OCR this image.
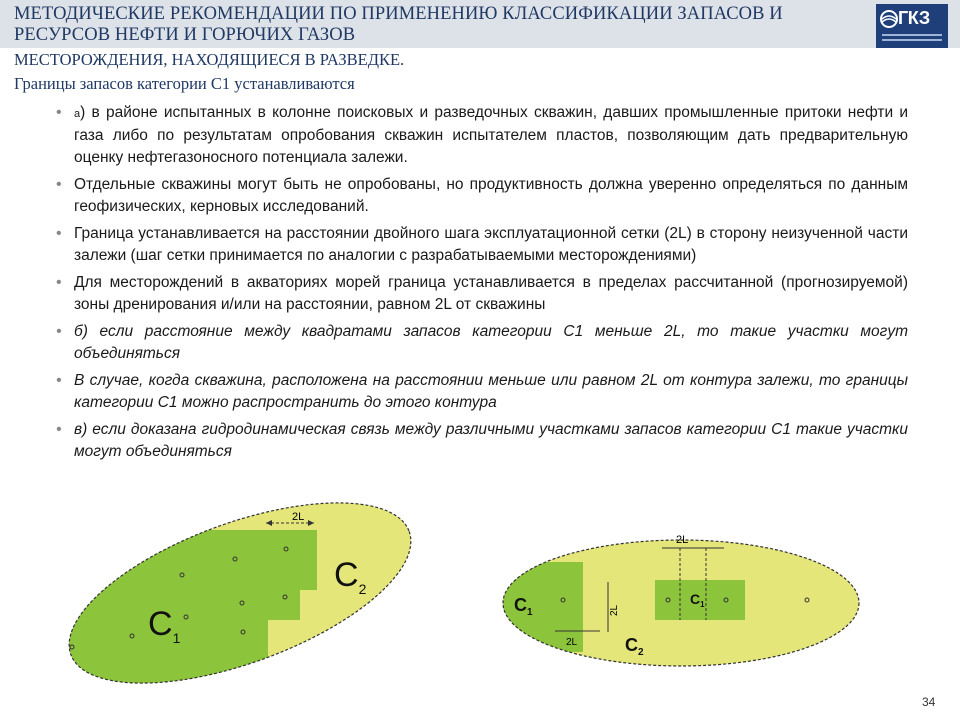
МЕТОДИЧЕСКИЕ РЕКОМЕНДАЦИИ ПО ПРИМЕНЕНИЮ КЛАССИФИКАЦИИ ЗАПАСОВ И РЕСУРСОВ НЕФТИ И ГОРЮЧИХ ГАЗОВ
ГКЗ
МЕСТОРОЖДЕНИЯ, НАХОДЯЩИЕСЯ В РАЗВЕДКЕ.
Границы запасов категории С1 устанавливаются
• а) в районе испытанных в колонне поисковых и разведочных скважин, давших промышленные притоки нефти и газа либо по результатам опробования скважин испытателем пластов, позволяющим дать предварительную оценку нефтегазоносного потенциала залежи.
• Отдельные скважины могут быть не опробованы, но продуктивность должна уверенно определяться по данным геофизических, керновых исследований.
• Граница устанавливается на расстоянии двойного шага эксплуатационной сетки (2L) в сторону неизученной части залежи (шаг сетки принимается по аналогии с разрабатываемыми месторождениями)
• Для месторождений в акваториях морей граница устанавливается в пределах рассчитанной (прогнозируемой) зоны дренирования и/или на расстоянии, равном 2L от скважины
• б) если расстояние между квадратами запасов категории С1 меньше 2L, то такие участки могут объединяться
• В случае, когда скважина, расположена на расстоянии меньше или равном 2L от контура залежи, то границы категории С1 можно распространить до этого контура
• в) если доказана гидродинамическая связь между различными участками запасов категории С1 такие участки могут объединяться
2L
$C_1$
$C_2$
2L
2L
2L
$C_1$
$C_1$
$C_2$
34
